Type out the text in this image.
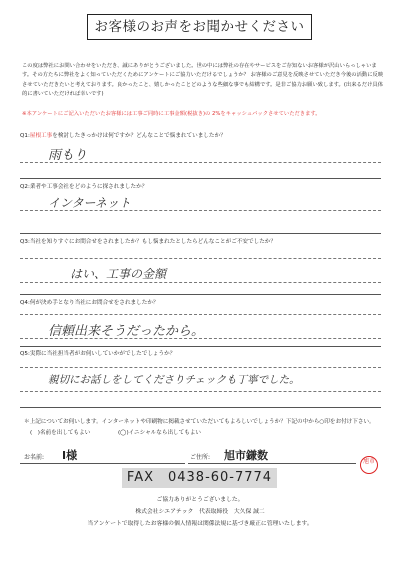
お客様のお声をお聞かせください

この度は弊社にお問い合わせをいただき、誠にありがとうございました。世の中には弊社の存在やサービスをご存知ないお客様が沢山いらっしゃいます。その方たちに弊社をよく知っていただくためにアンケートにご協力いただけるでしょうか？ お客様のご意見を反映させていただき今後の活動に反映させていただきたいと考えております。良かったこと、嬉しかったことどのような些細な事でも結構です。是非ご協力お願い致します。(出来るだけ具体的に書いていただければ幸いです)

※本アンケートにご記入いただいたお客様には工事ご同時に工事金額(税抜き)の 2%をキャッシュバックさせていただきます。

Q1:屋根工事を検討したきっかけは何ですか？どんなことで悩まれていましたか？
雨もり
Q2:業者や工事会社をどのように探されましたか？
インターネット
Q3:当社を知りすぐにお問合せをされましたか？もし悩まれたとしたらどんなことがご不安でしたか？
はい、工事の金額
Q4:何が決め手となり当社にお問合せをされましたか？
信頼出来そうだったから。
Q5:実際に当社担当者がお伺いしていかがでしたでしょうか？
親切にお話しをしてくださりチェックも丁寧でした。
＊上記についてお伺いします。インターネットや印刷物に掲載させていただいてもよろしいでしょうか？下記の中から○印をお付け下さい。
(　)名前を出してもよい	(◯)イニシャルなら出してもよい
お名前: I様	ご住所: 旭市鎌数	旭市
FAX　0438-60-7774
ご協力ありがとうございました。
株式会社シエアテック　代表取締役　大久保 誠二
当アンケートで取得したお客様の個人情報は関係法規に基づき厳正に管理いたします。
